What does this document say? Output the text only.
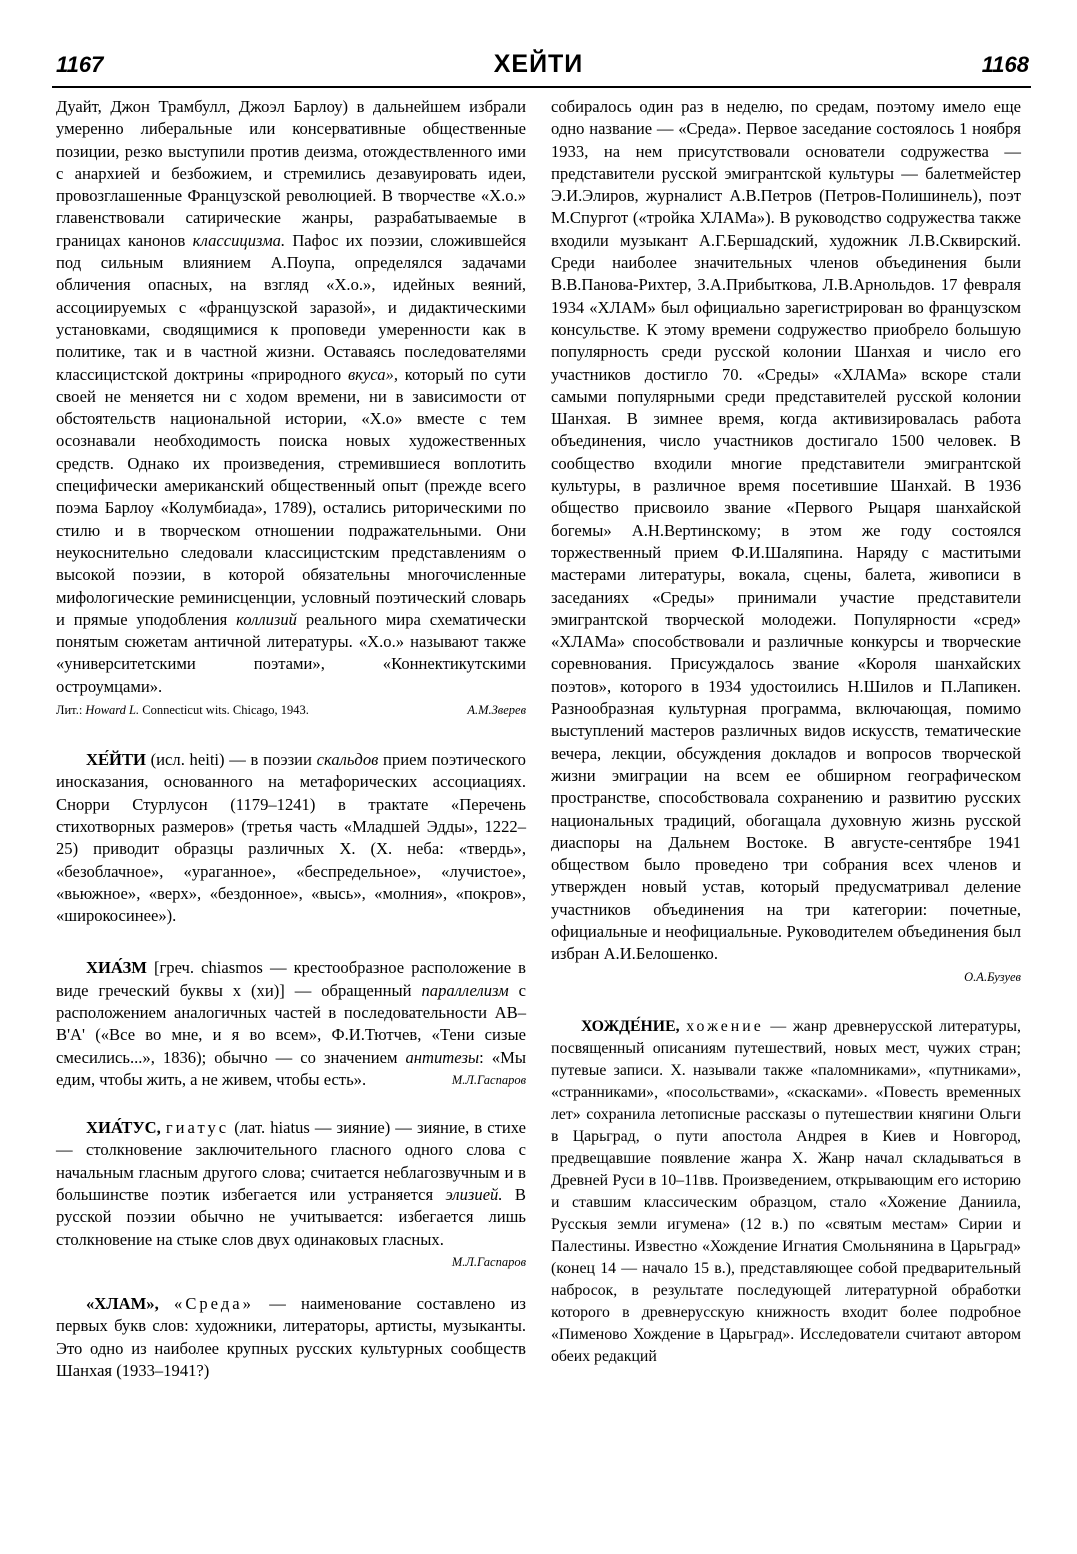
1167	ХЕЙТИ	1168

Дуайт, Джон Трамбулл, Джоэл Барлоу) в дальнейшем избрали умеренно либеральные или консервативные общественные позиции, резко выступили против деизма, отождествленного ими с анархией и безбожием, и стремились дезавуировать идеи, провозглашенные Французской революцией. В творчестве «Х.о.» главенствовали сатирические жанры, разрабатываемые в границах канонов классицизма. Пафос их поэзии, сложившейся под сильным влиянием А.Поупа, определялся задачами обличения опасных, на взгляд «Х.о.», идейных веяний, ассоциируемых с «французской заразой», и дидактическими установками, сводящимися к проповеди умеренности как в политике, так и в частной жизни. Оставаясь последователями классицистской доктрины «природного вкуса», который по сути своей не меняется ни с ходом времени, ни в зависимости от обстоятельств национальной истории, «Х.о» вместе с тем осознавали необходимость поиска новых художественных средств. Однако их произведения, стремившиеся воплотить специфически американский общественный опыт (прежде всего поэма Барлоу «Колумбиада», 1789), остались риторическими по стилю и в творческом отношении подражательными. Они неукоснительно следовали классицистским представлениям о высокой поэзии, в которой обязательны многочисленные мифологические реминисценции, условный поэтический словарь и прямые уподобления коллизий реального мира схематически понятым сюжетам античной литературы. «Х.о.» называют также «университетскими поэтами», «Коннектикутскими остроумцами».

Лит.: Howard L. Connecticut wits. Chicago, 1943.	А.М.Зверев

ХЕ́ЙТИ (исл. heiti) — в поэзии скальдов прием поэтического иносказания, основанного на метафорических ассоциациях. Снорри Стурлусон (1179–1241) в трактате «Перечень стихотворных размеров» (третья часть «Младшей Эдды», 1222–25) приводит образцы различных Х. (Х. неба: «твердь», «безоблачное», «ураганное», «беспредельное», «лучистое», «вьюжное», «верх», «бездонное», «высь», «молния», «покров», «широкосинее»).

ХИА́ЗМ [греч. chiasmos — крестообразное расположение в виде греческий буквы х (хи)] — обращенный параллелизм с расположением аналогичных частей в последовательности АВ–В'А' («Все во мне, и я во всем», Ф.И.Тютчев, «Тени сизые смесились...», 1836); обычно — со значением антитезы: «Мы едим, чтобы жить, а не живем, чтобы есть».	М.Л.Гаспаров

ХИА́ТУС, гиатус (лат. hiatus — зияние) — зияние, в стихе — столкновение заключительного гласного одного слова с начальным гласным другого слова; считается неблагозвучным и в большинстве поэтик избегается или устраняется элизией. В русской поэзии обычно не учитывается: избегается лишь столкновение на стыке слов двух одинаковых гласных.

М.Л.Гаспаров

«ХЛАМ», «Среда» — наименование составлено из первых букв слов: художники, литераторы, артисты, музыканты. Это одно из наиболее крупных русских культурных сообществ Шанхая (1933–1941?)

собиралось один раз в неделю, по средам, поэтому имело еще одно название — «Среда». Первое заседание состоялось 1 ноября 1933, на нем присутствовали основатели содружества — представители русской эмигрантской культуры — балетмейстер Э.И.Элиров, журналист А.В.Петров (Петров-Полишинель), поэт М.Спургот («тройка ХЛАМа»). В руководство содружества также входили музыкант А.Г.Бершадский, художник Л.В.Сквирский. Среди наиболее значительных членов объединения были В.В.Панова-Рихтер, З.А.Прибыткова, Л.В.Арнольдов. 17 февраля 1934 «ХЛАМ» был официально зарегистрирован во французском консульстве. К этому времени содружество приобрело большую популярность среди русской колонии Шанхая и число его участников достигло 70. «Среды» «ХЛАМа» вскоре стали самыми популярными среди представителей русской колонии Шанхая. В зимнее время, когда активизировалась работа объединения, число участников достигало 1500 человек. В сообщество входили многие представители эмигрантской культуры, в различное время посетившие Шанхай. В 1936 общество присвоило звание «Первого Рыцаря шанхайской богемы» А.Н.Вертинскому; в этом же году состоялся торжественный прием Ф.И.Шаляпина. Наряду с маститыми мастерами литературы, вокала, сцены, балета, живописи в заседаниях «Среды» принимали участие представители эмигрантской творческой молодежи. Популярности «сред» «ХЛАМа» способствовали и различные конкурсы и творческие соревнования. Присуждалось звание «Короля шанхайских поэтов», которого в 1934 удостоились Н.Шилов и П.Лапикен. Разнообразная культурная программа, включающая, помимо выступлений мастеров различных видов искусств, тематические вечера, лекции, обсуждения докладов и вопросов творческой жизни эмиграции на всем ее обширном географическом пространстве, способствовала сохранению и развитию русских национальных традиций, обогащала духовную жизнь русской диаспоры на Дальнем Востоке. В августе-сентябре 1941 обществом было проведено три собрания всех членов и утвержден новый устав, который предусматривал деление участников объединения на три категории: почетные, официальные и неофициальные. Руководителем объединения был избран А.И.Белошенко.

О.А.Бузуев

ХОЖДЕ́НИЕ, хожение — жанр древнерусской литературы, посвященный описаниям путешествий, новых мест, чужих стран; путевые записи. Х. называли также «паломниками», «путниками», «странниками», «посольствами», «скасками». «Повесть временных лет» сохранила летописные рассказы о путешествии княгини Ольги в Царьград, о пути апостола Андрея в Киев и Новгород, предвещавшие появление жанра Х. Жанр начал складываться в Древней Руси в 10–11вв. Произведением, открывающим его историю и ставшим классическим образцом, стало «Хожение Даниила, Русскыя земли игумена» (12 в.) по «святым местам» Сирии и Палестины. Известно «Хождение Игнатия Смольнянина в Царьград» (конец 14 — начало 15 в.), представляющее собой предварительный набросок, в результате последующей литературной обработки которого в древнерусскую книжность входит более подробное «Пименово Хождение в Царьград». Исследователи считают автором обеих редакций
